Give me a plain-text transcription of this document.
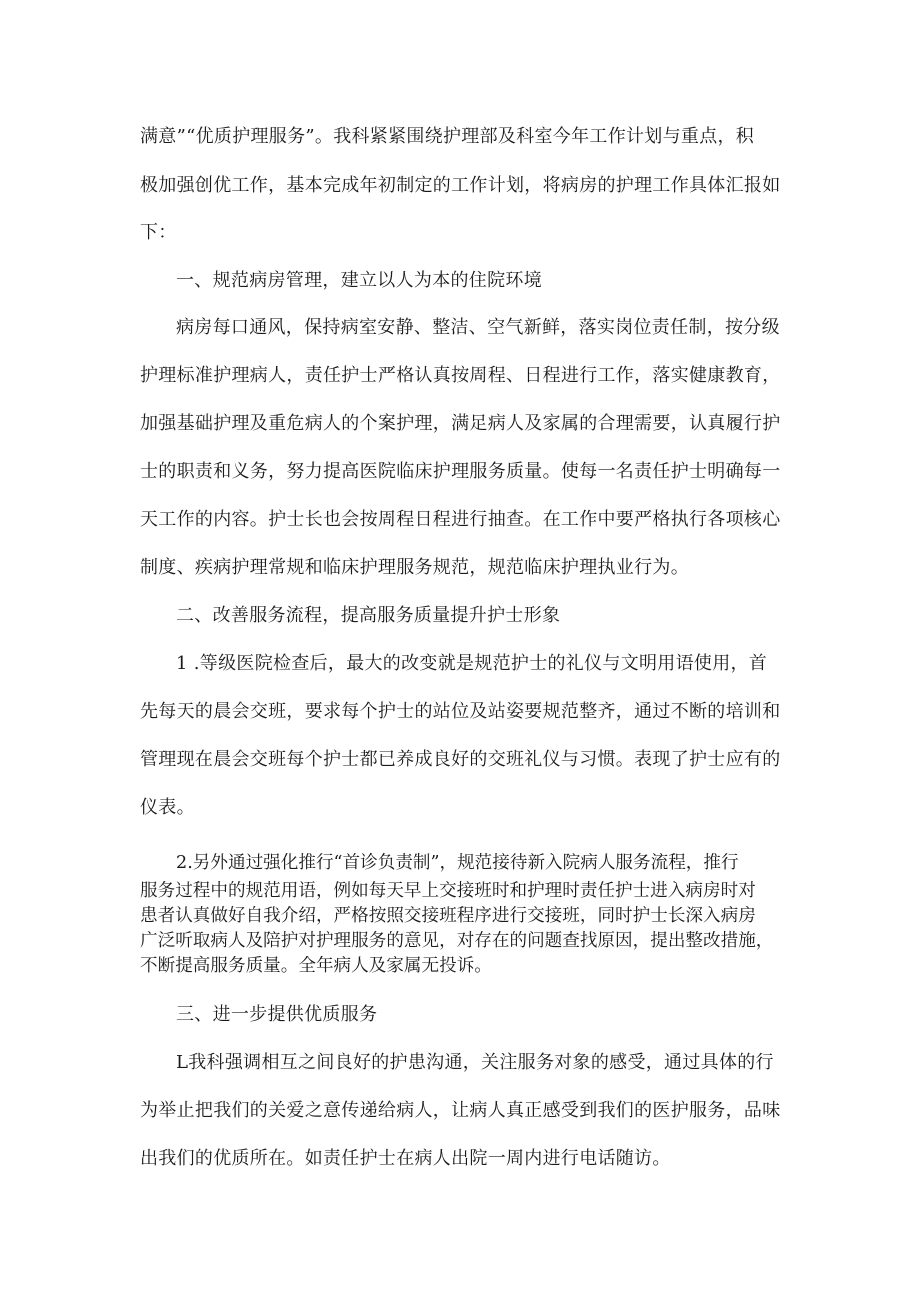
满意”“优质护理服务”。我科紧紧围绕护理部及科室今年工作计划与重点，积
极加强创优工作，基本完成年初制定的工作计划，将病房的护理工作具体汇报如
下：
一、规范病房管理，建立以人为本的住院环境
病房每口通风，保持病室安静、整洁、空气新鲜，落实岗位责任制，按分级
护理标准护理病人，责任护士严格认真按周程、日程进行工作，落实健康教育，
加强基础护理及重危病人的个案护理，满足病人及家属的合理需要，认真履行护
士的职责和义务，努力提高医院临床护理服务质量。使每一名责任护士明确每一
天工作的内容。护士长也会按周程日程进行抽查。在工作中要严格执行各项核心
制度、疾病护理常规和临床护理服务规范，规范临床护理执业行为。
二、改善服务流程，提高服务质量提升护士形象
1 .等级医院检查后，最大的改变就是规范护士的礼仪与文明用语使用，首
先每天的晨会交班，要求每个护士的站位及站姿要规范整齐，通过不断的培训和
管理现在晨会交班每个护士都已养成良好的交班礼仪与习惯。表现了护士应有的
仪表。
2.另外通过强化推行“首诊负责制”，规范接待新入院病人服务流程，推行
服务过程中的规范用语，例如每天早上交接班时和护理时责任护士进入病房时对
患者认真做好自我介绍，严格按照交接班程序进行交接班，同时护士长深入病房
广泛听取病人及陪护对护理服务的意见，对存在的问题查找原因，提出整改措施，
不断提高服务质量。全年病人及家属无投诉。
三、进一步提供优质服务
L我科强调相互之间良好的护患沟通，关注服务对象的感受，通过具体的行
为举止把我们的关爱之意传递给病人，让病人真正感受到我们的医护服务，品味
出我们的优质所在。如责任护士在病人出院一周内进行电话随访。
